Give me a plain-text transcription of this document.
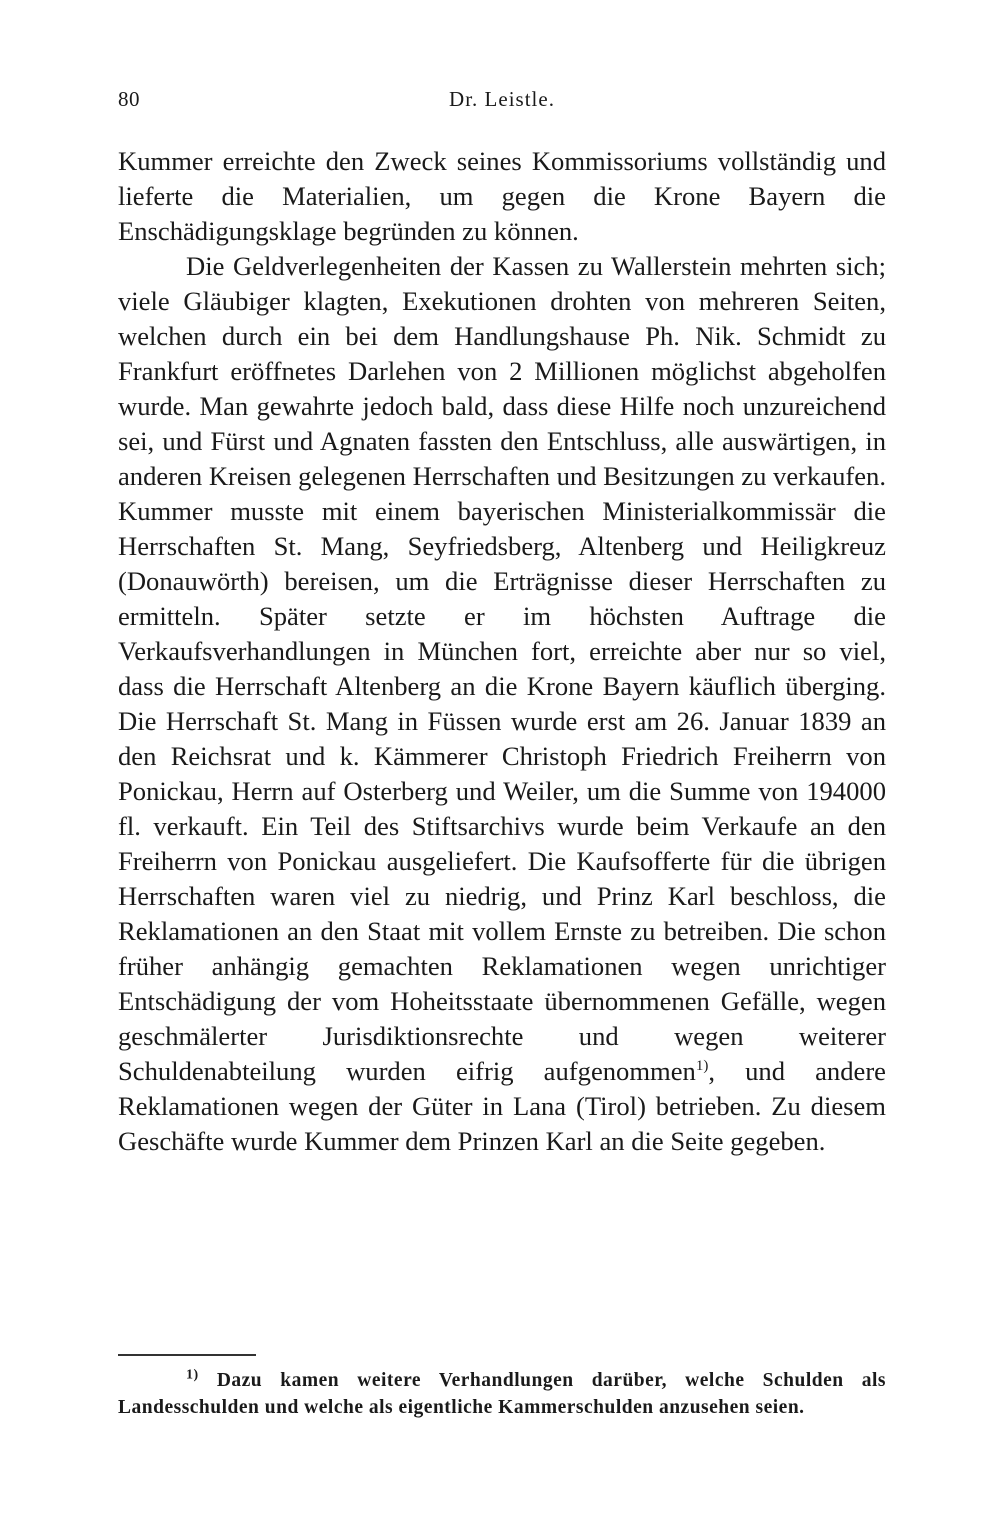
80	Dr. Leistle.

Kummer erreichte den Zweck seines Kommissoriums vollständig und lieferte die Materialien, um gegen die Krone Bayern die Enschädigungsklage begründen zu können.

Die Geldverlegenheiten der Kassen zu Wallerstein mehrten sich; viele Gläubiger klagten, Exekutionen drohten von mehreren Seiten, welchen durch ein bei dem Handlungshause Ph. Nik. Schmidt zu Frankfurt eröffnetes Darlehen von 2 Millionen möglichst abgeholfen wurde. Man gewahrte jedoch bald, dass diese Hilfe noch unzureichend sei, und Fürst und Agnaten fassten den Entschluss, alle auswärtigen, in anderen Kreisen gelegenen Herrschaften und Besitzungen zu verkaufen. Kummer musste mit einem bayerischen Ministerialkommissär die Herrschaften St. Mang, Seyfriedsberg, Altenberg und Heiligkreuz (Donauwörth) bereisen, um die Erträgnisse dieser Herrschaften zu ermitteln. Später setzte er im höchsten Auftrage die Verkaufsverhandlungen in München fort, erreichte aber nur so viel, dass die Herrschaft Altenberg an die Krone Bayern käuflich überging. Die Herrschaft St. Mang in Füssen wurde erst am 26. Januar 1839 an den Reichsrat und k. Kämmerer Christoph Friedrich Freiherrn von Ponickau, Herrn auf Osterberg und Weiler, um die Summe von 194000 fl. verkauft. Ein Teil des Stiftsarchivs wurde beim Verkaufe an den Freiherrn von Ponickau ausgeliefert. Die Kaufsofferte für die übrigen Herrschaften waren viel zu niedrig, und Prinz Karl beschloss, die Reklamationen an den Staat mit vollem Ernste zu betreiben. Die schon früher anhängig gemachten Reklamationen wegen unrichtiger Entschädigung der vom Hoheitsstaate übernommenen Gefälle, wegen geschmälerter Jurisdiktionsrechte und wegen weiterer Schuldenabteilung wurden eifrig aufgenommen$^{1)}$, und andere Reklamationen wegen der Güter in Lana (Tirol) betrieben. Zu diesem Geschäfte wurde Kummer dem Prinzen Karl an die Seite gegeben.

$^{1)}$ Dazu kamen weitere Verhandlungen darüber, welche Schulden als Landesschulden und welche als eigentliche Kammerschulden anzusehen seien.
